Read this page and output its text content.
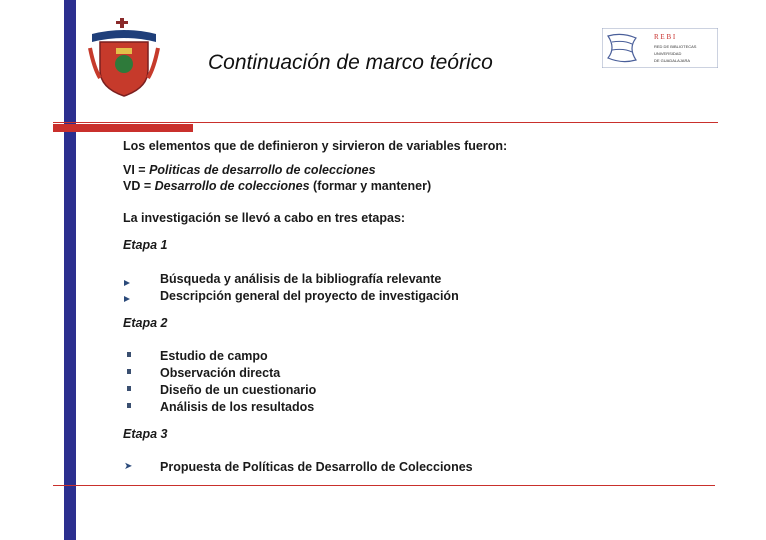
R E B I
RED DE BIBLIOTECAS
UNIVERSIDAD
DE GUADALAJARA
Continuación de marco teórico
Los elementos que de definieron y sirvieron de variables fueron:
VI = Politicas de desarrollo de colecciones
VD = Desarrollo de colecciones (formar y mantener)
La investigación se llevó a cabo en tres etapas:
Etapa 1
Búsqueda y análisis de la bibliografía relevante
Descripción general del proyecto de investigación
Etapa 2
Estudio de campo
Observación directa
Diseño de un cuestionario
Análisis de los resultados
Etapa 3
➤ Propuesta de Políticas de Desarrollo de Colecciones
